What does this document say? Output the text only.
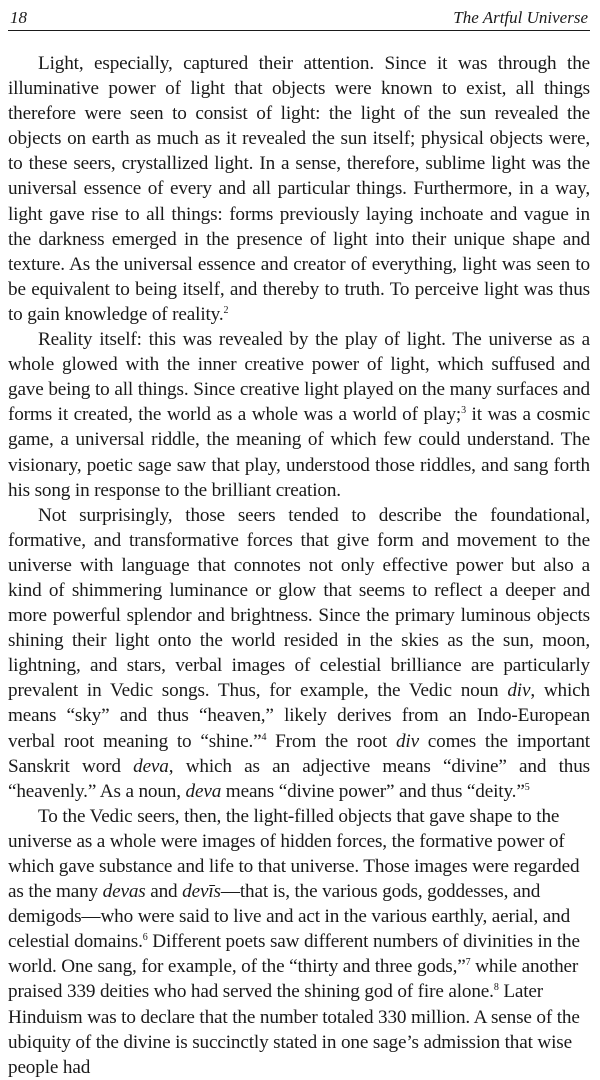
18	The Artful Universe

Light, especially, captured their attention. Since it was through the illuminative power of light that objects were known to exist, all things therefore were seen to consist of light: the light of the sun revealed the objects on earth as much as it revealed the sun itself; physical objects were, to these seers, crystallized light. In a sense, therefore, sublime light was the universal essence of every and all particular things. Furthermore, in a way, light gave rise to all things: forms previously laying inchoate and vague in the darkness emerged in the presence of light into their unique shape and texture. As the universal essence and creator of everything, light was seen to be equivalent to being itself, and thereby to truth. To perceive light was thus to gain knowledge of reality.$^2$

Reality itself: this was revealed by the play of light. The universe as a whole glowed with the inner creative power of light, which suffused and gave being to all things. Since creative light played on the many surfaces and forms it created, the world as a whole was a world of play;$^3$ it was a cosmic game, a universal riddle, the meaning of which few could understand. The visionary, poetic sage saw that play, understood those riddles, and sang forth his song in response to the brilliant creation.

Not surprisingly, those seers tended to describe the foundational, formative, and transformative forces that give form and movement to the universe with language that connotes not only effective power but also a kind of shimmering luminance or glow that seems to reflect a deeper and more powerful splendor and brightness. Since the primary luminous objects shining their light onto the world resided in the skies as the sun, moon, lightning, and stars, verbal images of celestial brilliance are particularly prevalent in Vedic songs. Thus, for example, the Vedic noun div, which means “sky” and thus “heaven,” likely derives from an Indo-European verbal root meaning to “shine.”$^4$ From the root div comes the important Sanskrit word deva, which as an adjective means “divine” and thus “heavenly.” As a noun, deva means “divine power” and thus “deity.”$^5$

To the Vedic seers, then, the light-filled objects that gave shape to the universe as a whole were images of hidden forces, the formative power of which gave substance and life to that universe. Those images were regarded as the many devas and devīs—that is, the various gods, goddesses, and demigods—who were said to live and act in the various earthly, aerial, and celestial domains.$^6$ Different poets saw different numbers of divinities in the world. One sang, for example, of the “thirty and three gods,”$^7$ while another praised 339 deities who had served the shining god of fire alone.$^8$ Later Hinduism was to declare that the number totaled 330 million. A sense of the ubiquity of the divine is succinctly stated in one sage’s admission that wise people had
